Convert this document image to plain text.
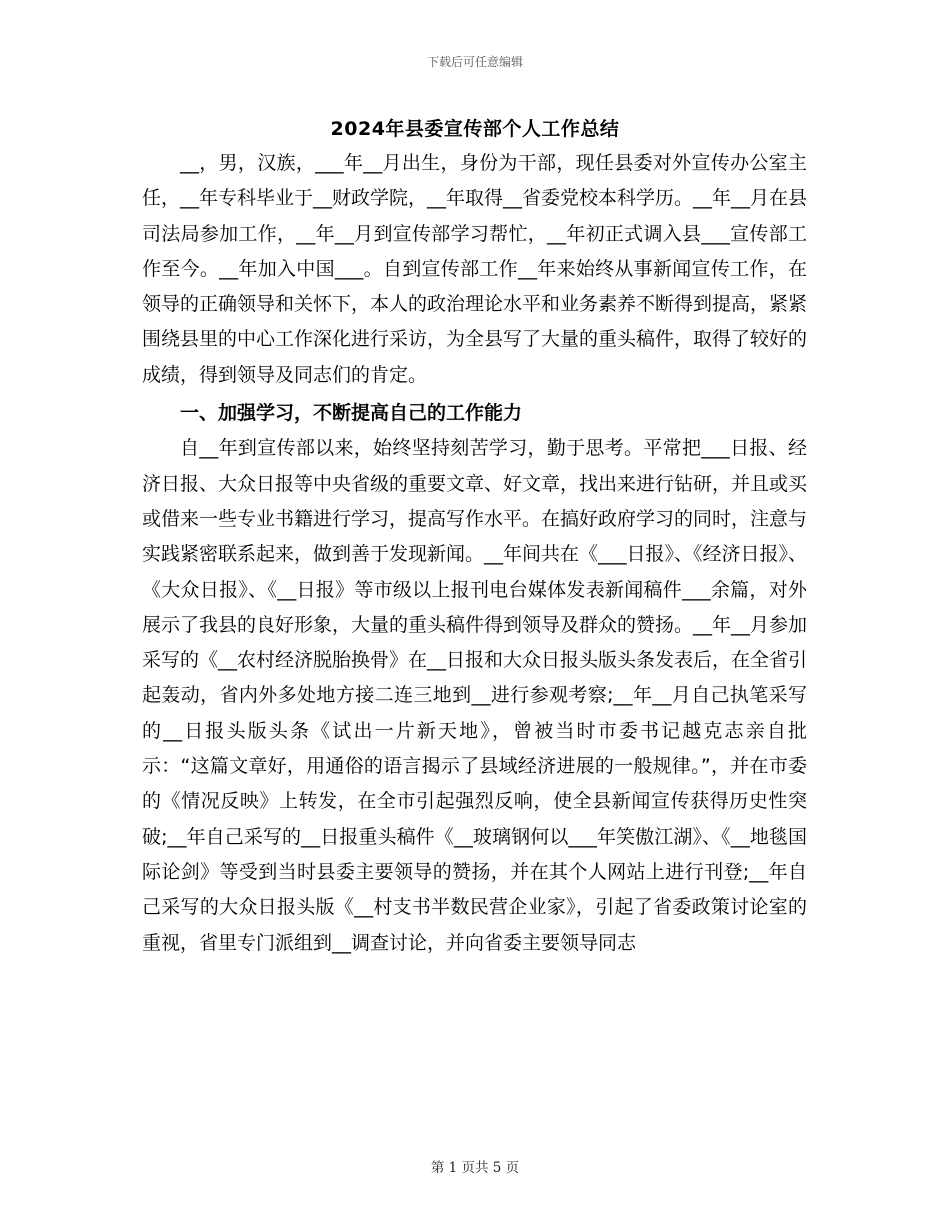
下载后可任意编辑
2024年县委宣传部个人工作总结

__，男，汉族，___年__月出生，身份为干部，现任县委对外宣传办公室主任，__年专科毕业于__财政学院，__年取得__省委党校本科学历。__年__月在县司法局参加工作，__年__月到宣传部学习帮忙，__年初正式调入县___宣传部工作至今。__年加入中国___。自到宣传部工作__年来始终从事新闻宣传工作，在领导的正确领导和关怀下，本人的政治理论水平和业务素养不断得到提高，紧紧围绕县里的中心工作深化进行采访，为全县写了大量的重头稿件，取得了较好的成绩，得到领导及同志们的肯定。

一、加强学习，不断提高自己的工作能力

自__年到宣传部以来，始终坚持刻苦学习，勤于思考。平常把___日报、经济日报、大众日报等中央省级的重要文章、好文章，找出来进行钻研，并且或买或借来一些专业书籍进行学习，提高写作水平。在搞好政府学习的同时，注意与实践紧密联系起来，做到善于发现新闻。__年间共在《___日报》、《经济日报》、《大众日报》、《__日报》等市级以上报刊电台媒体发表新闻稿件___余篇，对外展示了我县的良好形象，大量的重头稿件得到领导及群众的赞扬。__年__月参加采写的《__农村经济脱胎换骨》在__日报和大众日报头版头条发表后，在全省引起轰动，省内外多处地方接二连三地到__进行参观考察;__年__月自己执笔采写的__日报头版头条《试出一片新天地》，曾被当时市委书记越克志亲自批示：“这篇文章好，用通俗的语言揭示了县域经济进展的一般规律。”，并在市委的《情况反映》上转发，在全市引起强烈反响，使全县新闻宣传获得历史性突破;__年自己采写的__日报重头稿件《__玻璃钢何以___年笑傲江湖》、《__地毯国际论剑》等受到当时县委主要领导的赞扬，并在其个人网站上进行刊登;__年自己采写的大众日报头版《__村支书半数民营企业家》，引起了省委政策讨论室的重视，省里专门派组到__调查讨论，并向省委主要领导同志

第 1 页共 5 页
